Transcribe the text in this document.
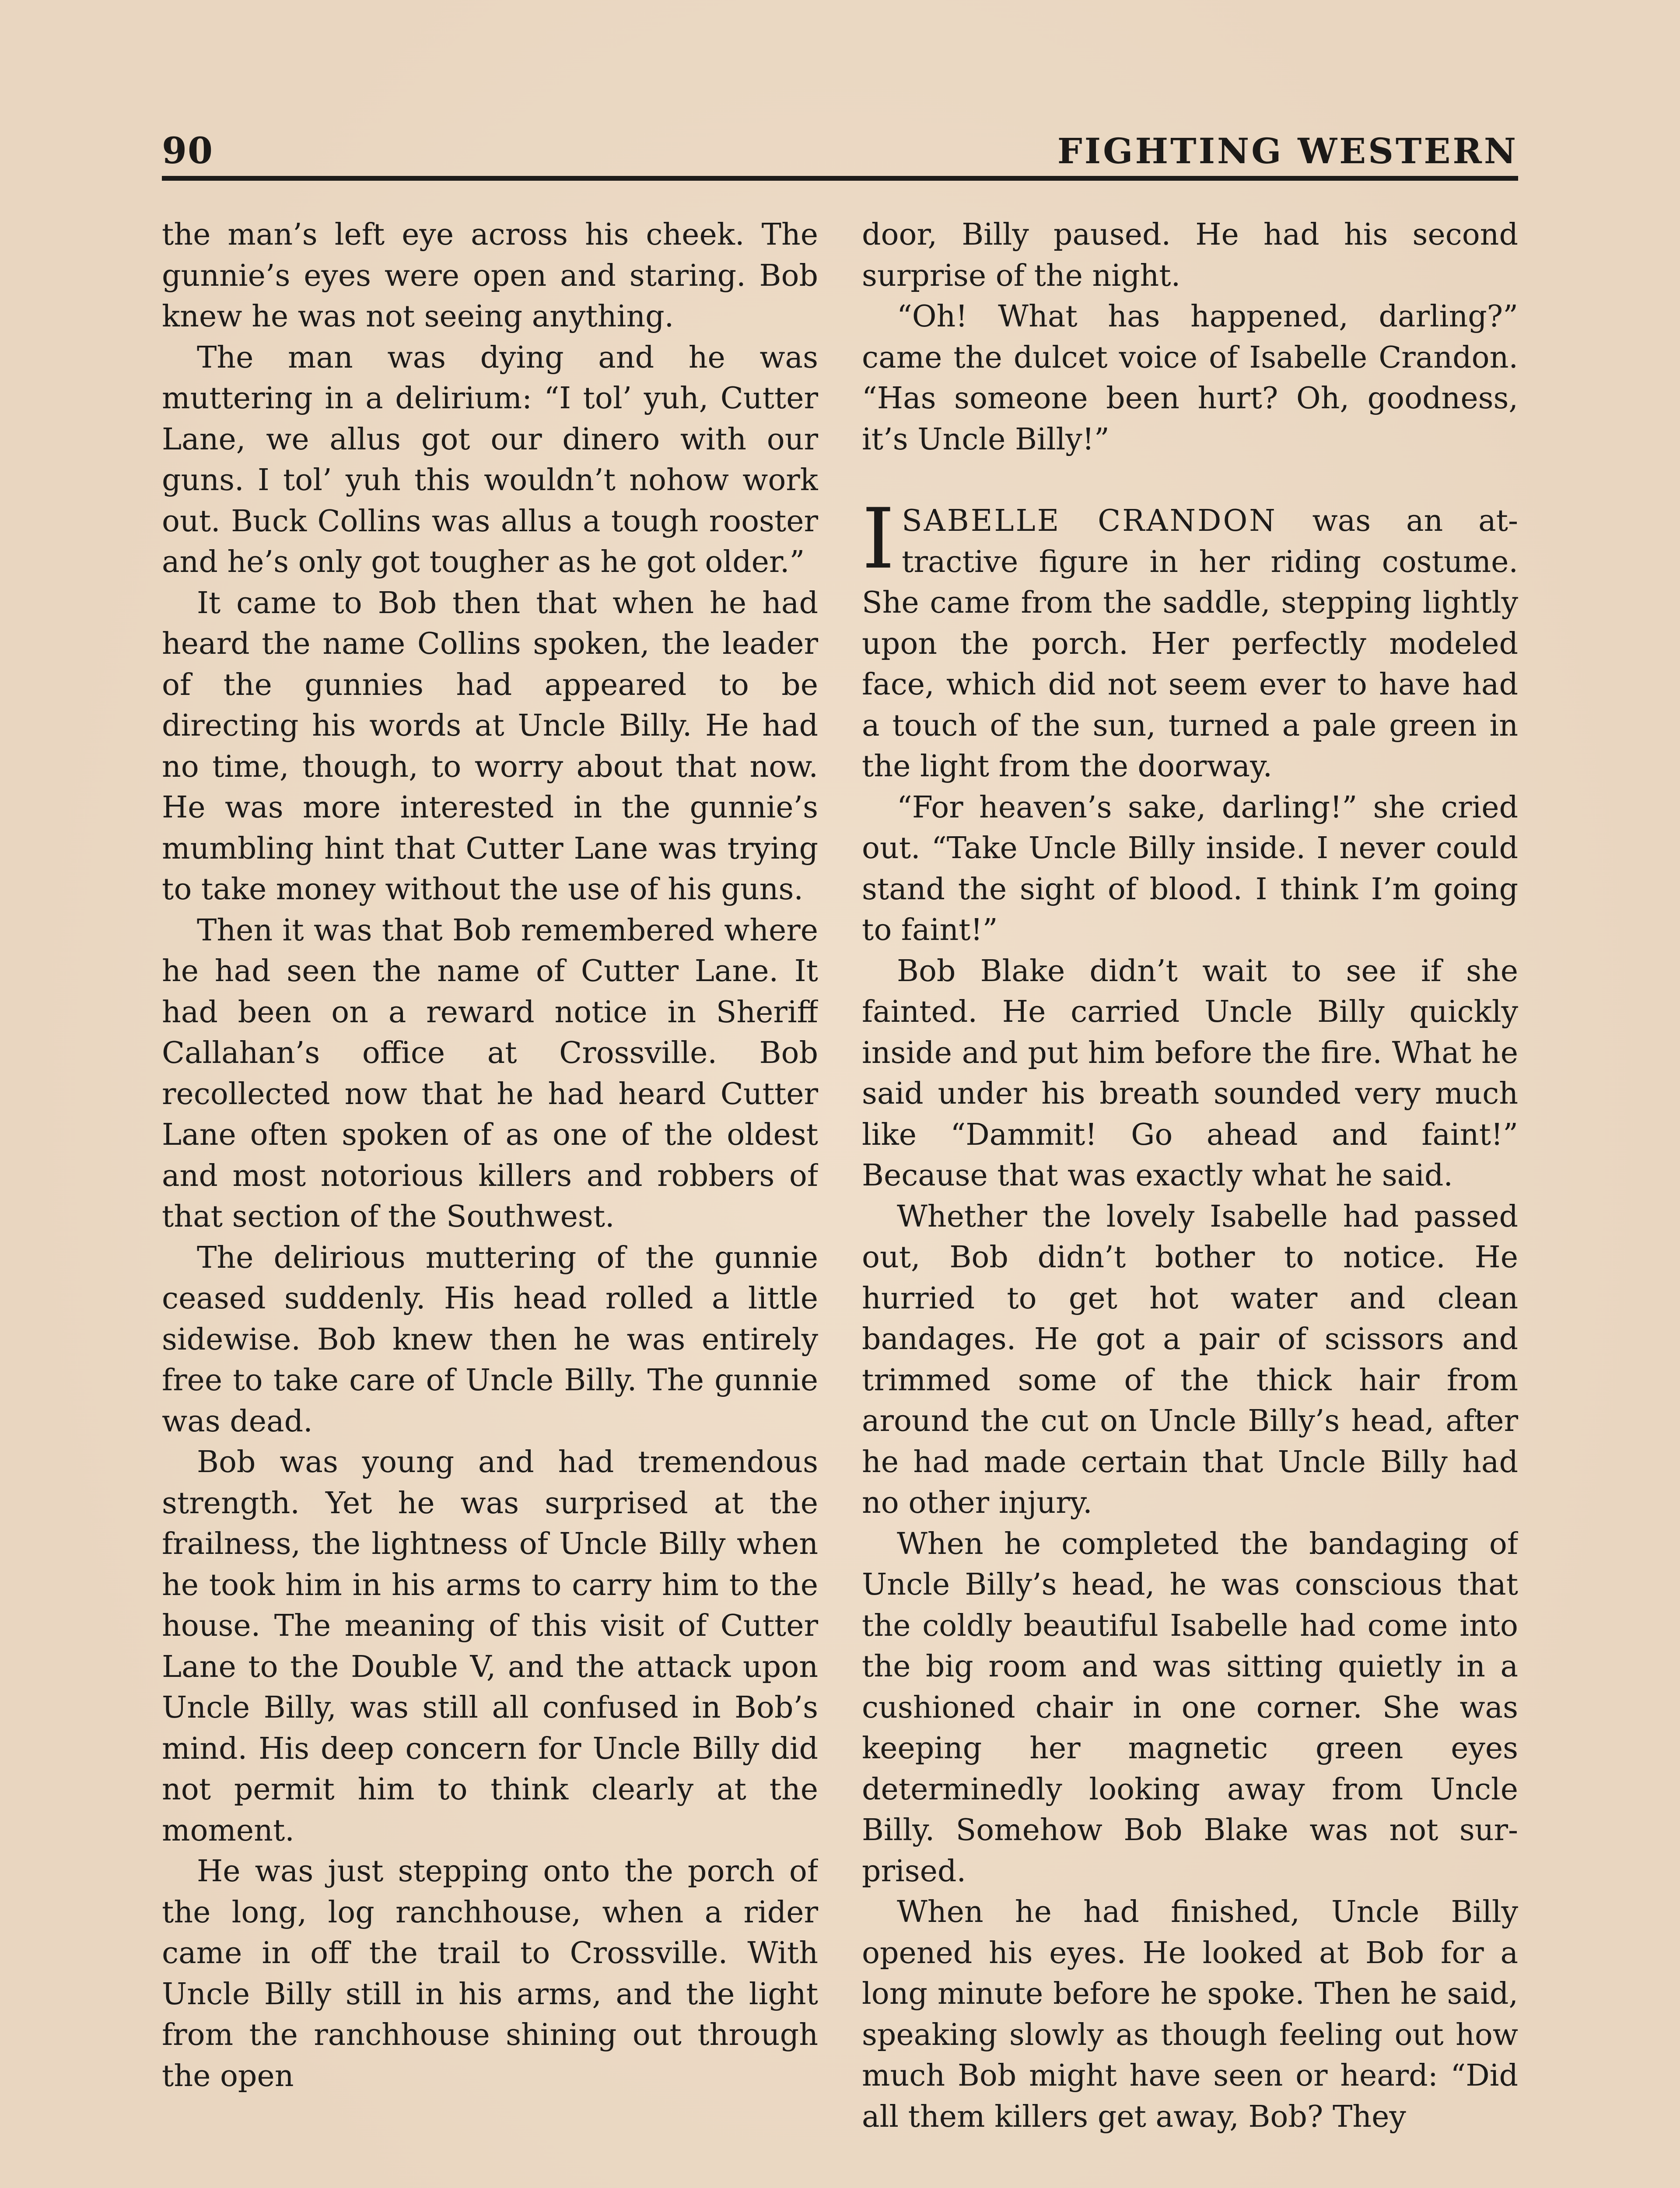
90	FIGHTING WESTERN

the man’s left eye across his cheek. The gunnie’s eyes were open and staring. Bob knew he was not seeing anything.

The man was dying and he was muttering in a delirium: “I tol’ yuh, Cutter Lane, we allus got our dinero with our guns. I tol’ yuh this wouldn’t nohow work out. Buck Collins was allus a tough rooster and he’s only got tougher as he got older.”

It came to Bob then that when he had heard the name Collins spoken, the leader of the gunnies had appeared to be directing his words at Uncle Billy. He had no time, though, to worry about that now. He was more interested in the gunnie’s mumbling hint that Cutter Lane was trying to take money without the use of his guns.

Then it was that Bob remembered where he had seen the name of Cutter Lane. It had been on a reward notice in Sheriff Callahan’s office at Crossville. Bob recollected now that he had heard Cutter Lane often spoken of as one of the oldest and most notorious killers and robbers of that section of the Southwest.

The delirious muttering of the gunnie ceased suddenly. His head rolled a little sidewise. Bob knew then he was entirely free to take care of Uncle Billy. The gunnie was dead.

Bob was young and had tremendous strength. Yet he was surprised at the frailness, the lightness of Uncle Billy when he took him in his arms to carry him to the house. The meaning of this visit of Cutter Lane to the Double V, and the attack upon Uncle Billy, was still all confused in Bob’s mind. His deep concern for Uncle Billy did not permit him to think clearly at the moment.

He was just stepping onto the porch of the long, log ranchhouse, when a rider came in off the trail to Crossville. With Uncle Billy still in his arms, and the light from the ranchhouse shining out through the open

door, Billy paused. He had his second surprise of the night.

“Oh! What has happened, darling?” came the dulcet voice of Isabelle Crandon. “Has someone been hurt? Oh, goodness, it’s Uncle Billy!”

ISABELLE CRANDON was an attractive figure in her riding costume. She came from the saddle, stepping lightly upon the porch. Her perfectly modeled face, which did not seem ever to have had a touch of the sun, turned a pale green in the light from the doorway.

“For heaven’s sake, darling!” she cried out. “Take Uncle Billy inside. I never could stand the sight of blood. I think I’m going to faint!”

Bob Blake didn’t wait to see if she fainted. He carried Uncle Billy quickly inside and put him before the fire. What he said under his breath sounded very much like “Dammit! Go ahead and faint!” Because that was exactly what he said.

Whether the lovely Isabelle had passed out, Bob didn’t bother to notice. He hurried to get hot water and clean bandages. He got a pair of scissors and trimmed some of the thick hair from around the cut on Uncle Billy’s head, after he had made certain that Uncle Billy had no other injury.

When he completed the bandaging of Uncle Billy’s head, he was conscious that the coldly beautiful Isabelle had come into the big room and was sitting quietly in a cushioned chair in one corner. She was keeping her magnetic green eyes determinedly looking away from Uncle Billy. Somehow Bob Blake was not surprised.

When he had finished, Uncle Billy opened his eyes. He looked at Bob for a long minute before he spoke. Then he said, speaking slowly as though feeling out how much Bob might have seen or heard: “Did all them killers get away, Bob? They
